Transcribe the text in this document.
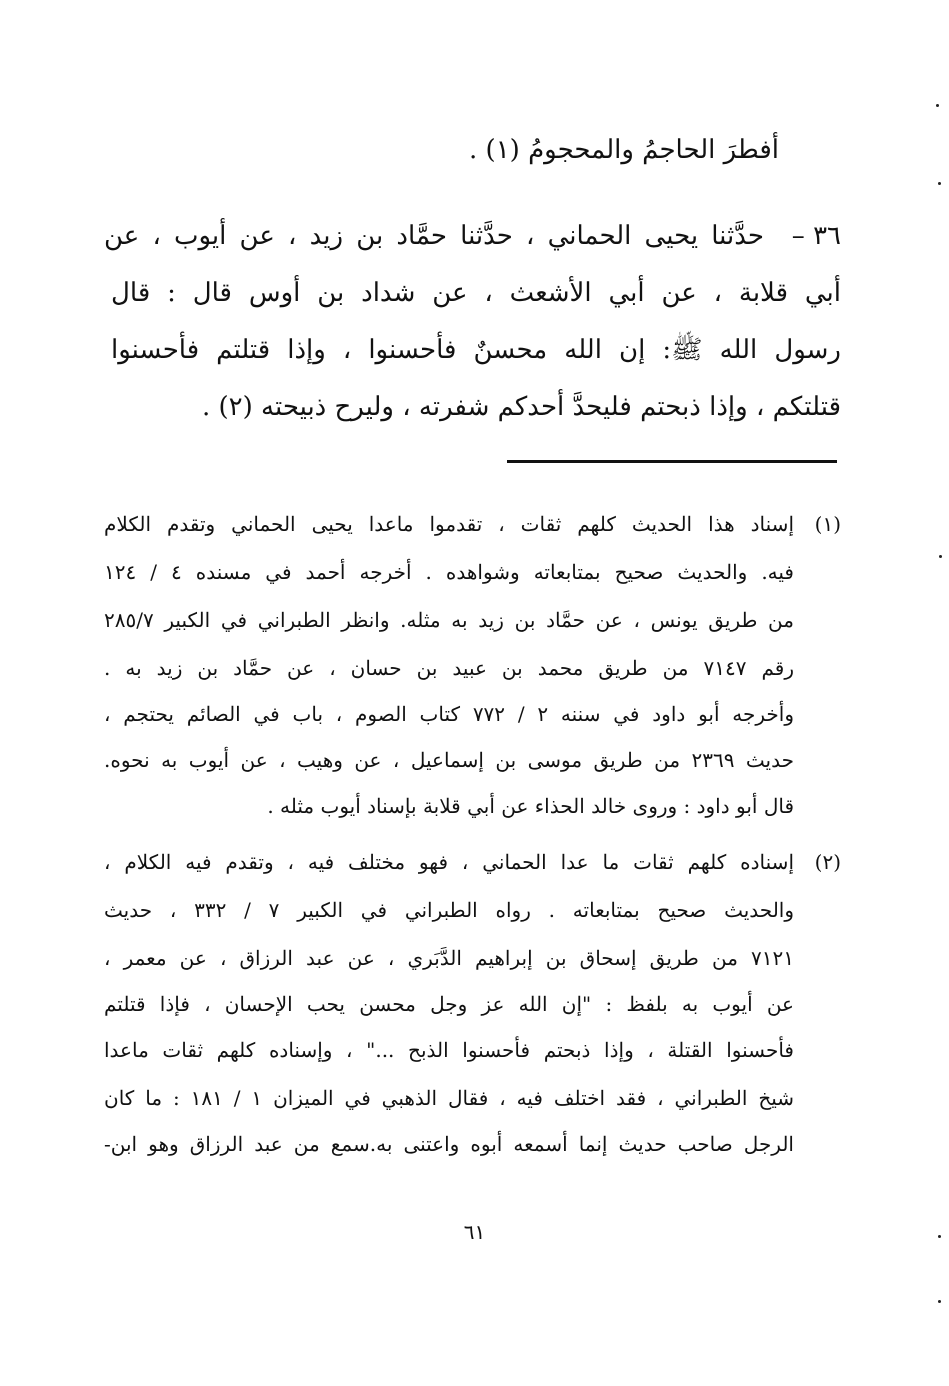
أفطرَ الحاجمُ والمحجومُ (١) .

٣٦ –

حدَّثنا يحيى الحماني ، حدَّثنا حمَّاد بن زيد ، عن أيوب ، عن

أبي قلابة ، عن أبي الأشعث ، عن شداد بن أوس قال : قال

رسول الله ﷺ: إن الله محسنٌ فأحسنوا ، وإذا قتلتم فأحسنوا

قتلتكم ، وإذا ذبحتم فليحدَّ أحدكم شفرته ، وليرح ذبيحته (٢) .

(١)

إسناد هذا الحديث كلهم ثقات ، تقدموا ماعدا يحيى الحماني وتقدم الكلام

فيه. والحديث صحيح بمتابعاته وشواهده . أخرجه أحمد في مسنده ٤ / ١٢٤

من طريق يونس ، عن حمَّاد بن زيد به مثله. وانظر الطبراني في الكبير ٢٨٥/٧

رقم ٧١٤٧ من طريق محمد بن عبيد بن حسان ، عن حمَّاد بن زيد به .

وأخرجه أبو داود في سننه ٢ / ٧٧٢ كتاب الصوم ، باب في الصائم يحتجم ،

حديث ٢٣٦٩ من طريق موسى بن إسماعيل ، عن وهيب ، عن أيوب به نحوه.

قال أبو داود : وروى خالد الحذاء عن أبي قلابة بإسناد أيوب مثله .

(٢)

إسناده كلهم ثقات ما عدا الحماني ، فهو مختلف فيه ، وتقدم فيه الكلام ،

والحديث صحيح بمتابعاته . رواه الطبراني في الكبير ٧ / ٣٣٢ ، حديث

٧١٢١ من طريق إسحاق بن إبراهيم الدَّبَري ، عن عبد الرزاق ، عن معمر ،

عن أيوب به بلفظ : "إن الله عز وجل محسن يحب الإحسان ، فإذا قتلتم

فأحسنوا القتلة ، وإذا ذبحتم فأحسنوا الذبح ..." ، وإسناده كلهم ثقات ماعدا

شيخ الطبراني ، فقد اختلف فيه ، فقال الذهبي في الميزان ١ / ١٨١ : ما كان

الرجل صاحب حديث إنما أسمعه أبوه واعتنى به.سمع من عبد الرزاق وهو ابن-

٦١
